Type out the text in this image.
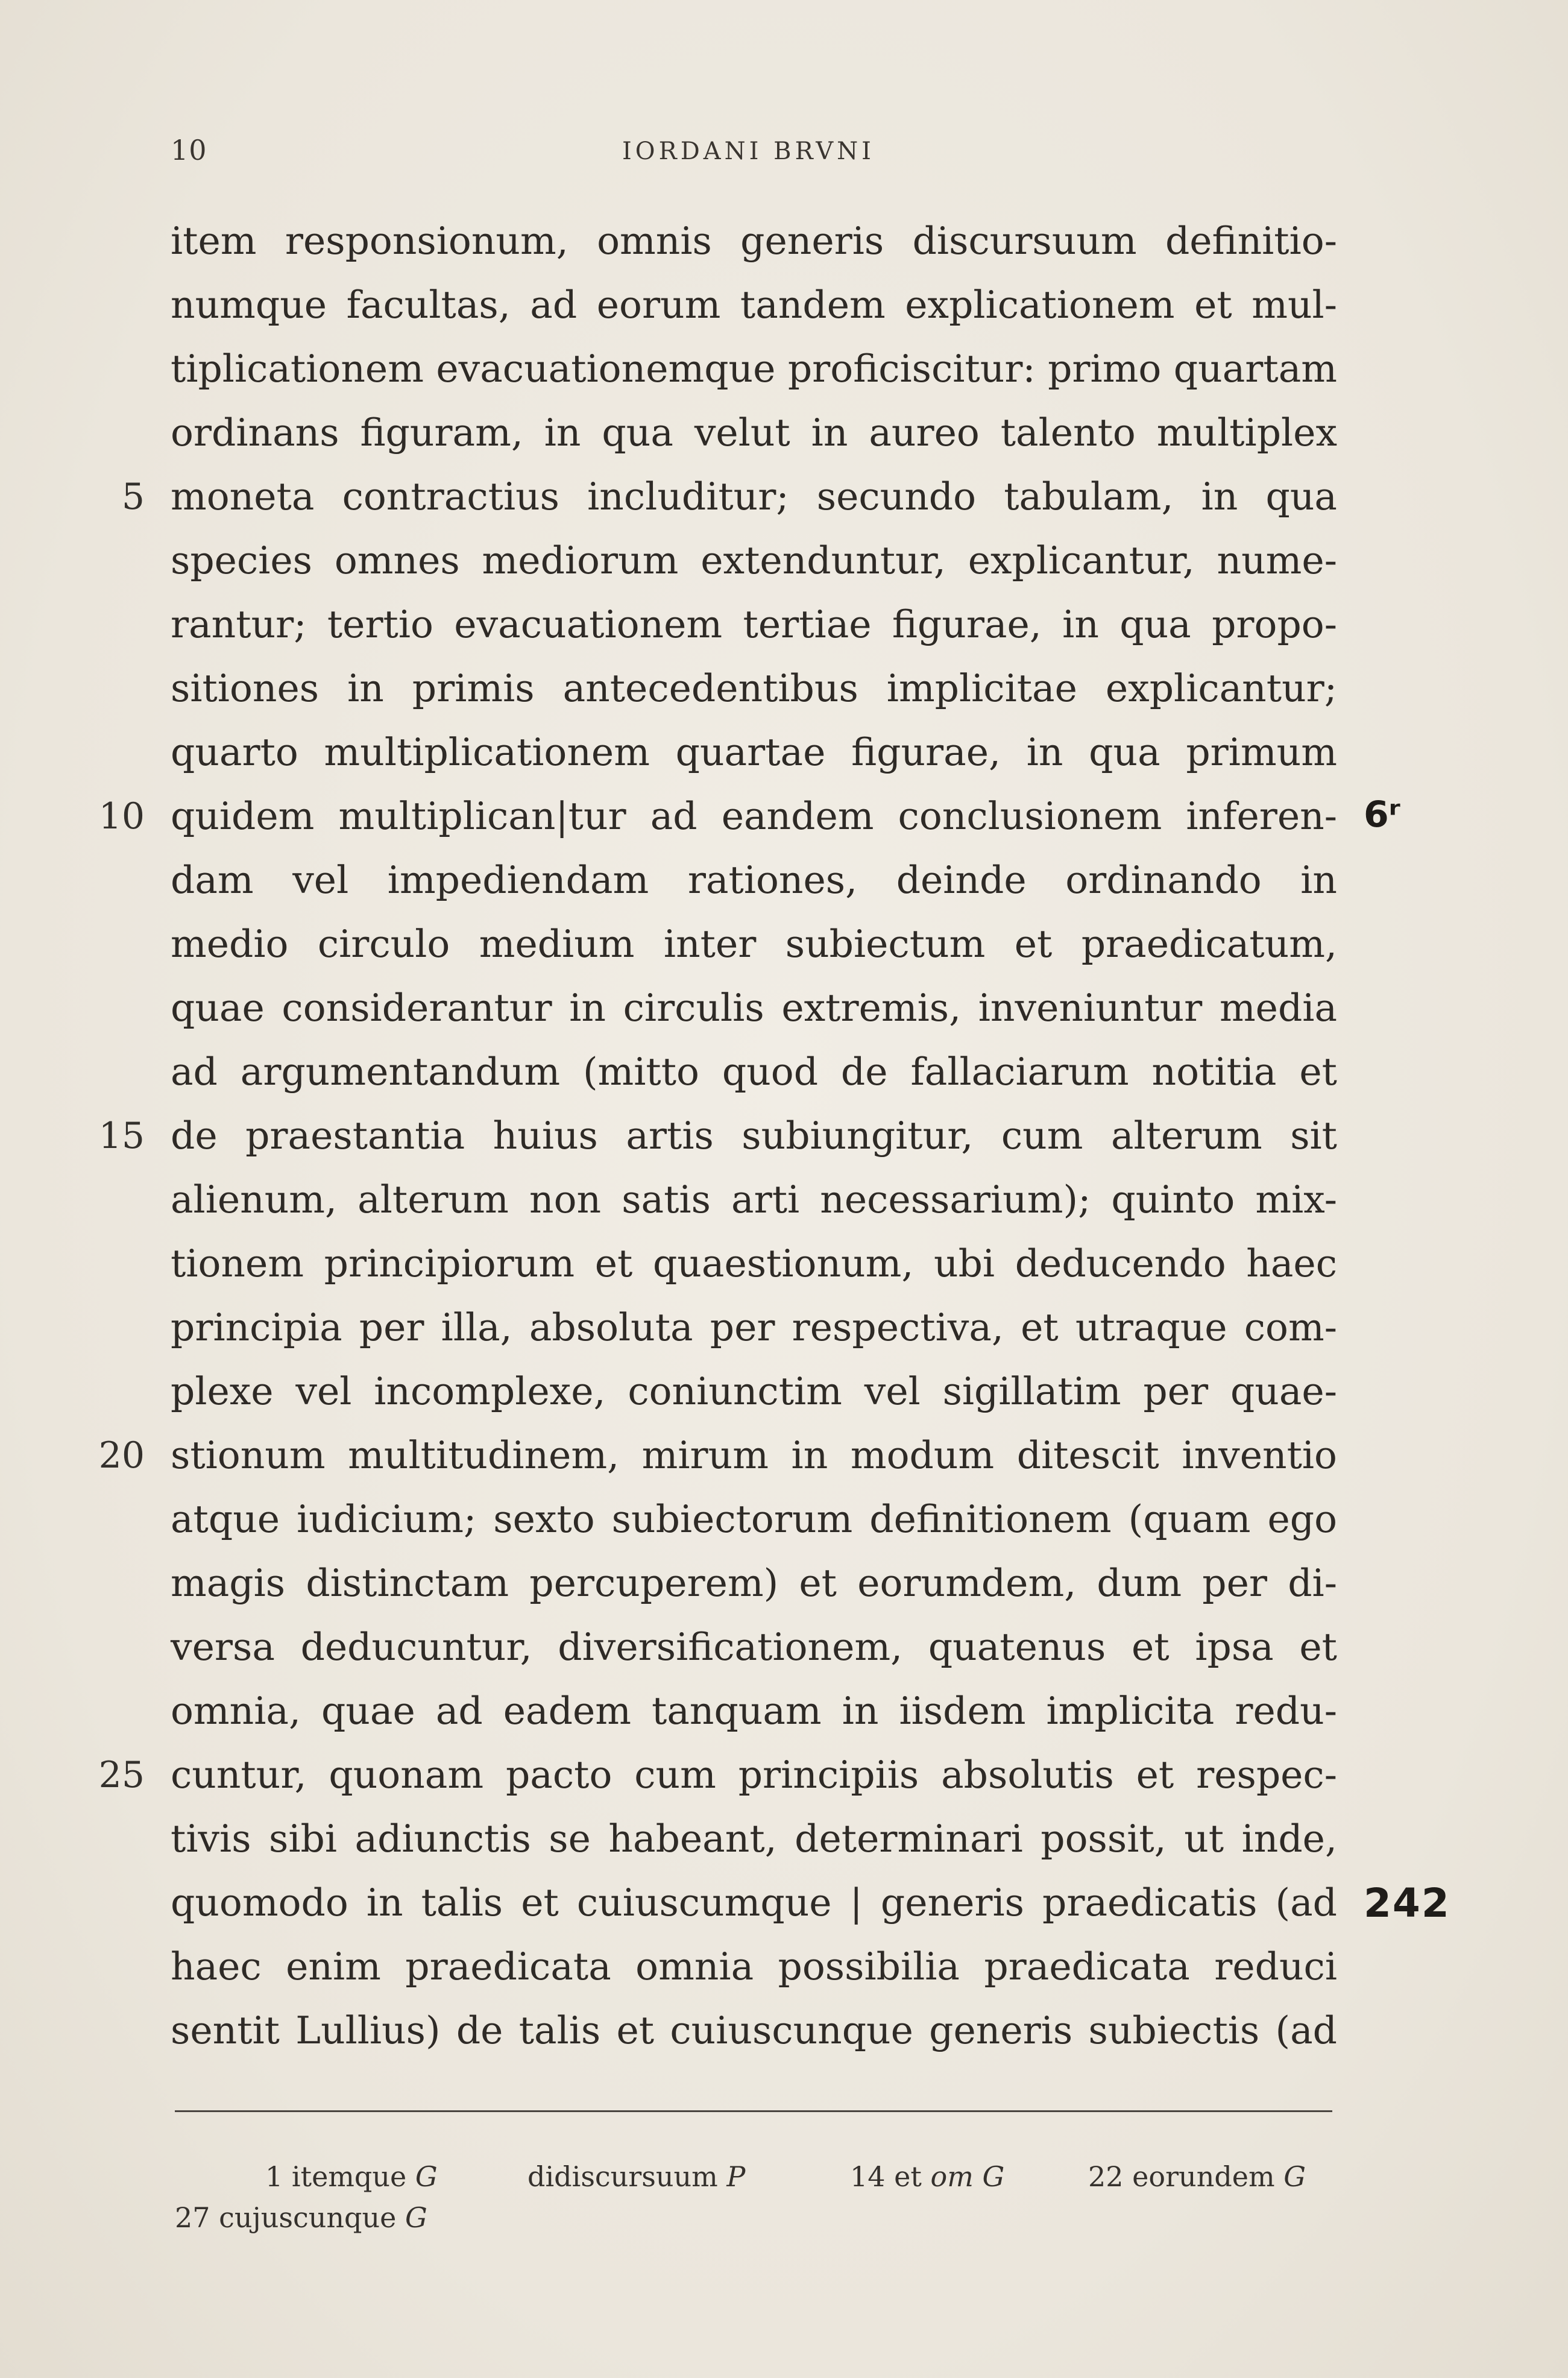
10	IORDANI BRVNI
item responsionum, omnis generis discursuum definitio-
numque facultas, ad eorum tandem explicationem et mul-
tiplicationem evacuationemque proficiscitur: primo quartam
ordinans figuram, in qua velut in aureo talento multiplex
moneta contractius includitur; secundo tabulam, in qua
species omnes mediorum extenduntur, explicantur, nume-
rantur; tertio evacuationem tertiae figurae, in qua propo-
sitiones in primis antecedentibus implicitae explicantur;
quarto multiplicationem quartae figurae, in qua primum
quidem multiplican|tur ad eandem conclusionem inferen-
dam vel impediendam rationes, deinde ordinando in
medio circulo medium inter subiectum et praedicatum,
quae considerantur in circulis extremis, inveniuntur media
ad argumentandum (mitto quod de fallaciarum notitia et
de praestantia huius artis subiungitur, cum alterum sit
alienum, alterum non satis arti necessarium); quinto mix-
tionem principiorum et quaestionum, ubi deducendo haec
principia per illa, absoluta per respectiva, et utraque com-
plexe vel incomplexe, coniunctim vel sigillatim per quae-
stionum multitudinem, mirum in modum ditescit inventio
atque iudicium; sexto subiectorum definitionem (quam ego
magis distinctam percuperem) et eorumdem, dum per di-
versa deducuntur, diversificationem, quatenus et ipsa et
omnia, quae ad eadem tanquam in iisdem implicita redu-
cuntur, quonam pacto cum principiis absolutis et respec-
tivis sibi adiunctis se habeant, determinari possit, ut inde,
quomodo in talis et cuiuscumque | generis praedicatis (ad
haec enim praedicata omnia possibilia praedicata reduci
sentit Lullius) de talis et cuiuscunque generis subiectis (ad
5
10
15
20
25
6ʳ
242
1 itemque G	didiscursuum P	14 et om G	22 eorundem G
27 cujuscunque G
